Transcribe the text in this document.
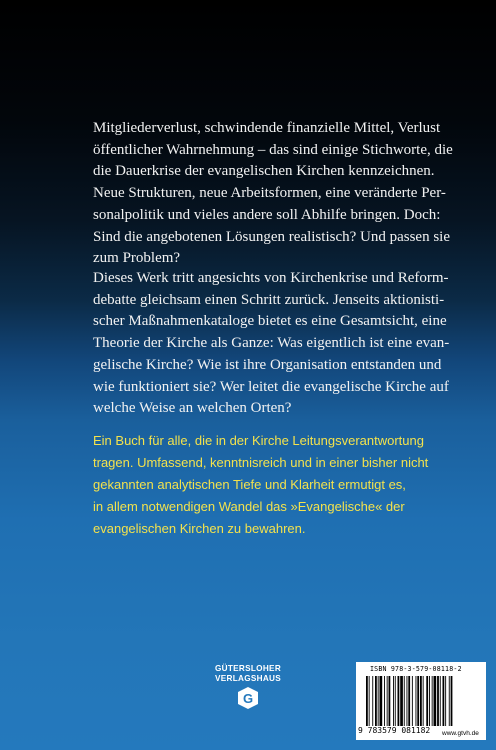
Mitgliederverlust, schwindende finanzielle Mittel, Verlust
öffentlicher Wahrnehmung – das sind einige Stichworte, die
die Dauerkrise der evangelischen Kirchen kennzeichnen.
Neue Strukturen, neue Arbeitsformen, eine veränderte Per-
sonalpolitik und vieles andere soll Abhilfe bringen. Doch:
Sind die angebotenen Lösungen realistisch? Und passen sie
zum Problem?
Dieses Werk tritt angesichts von Kirchenkrise und Reform-
debatte gleichsam einen Schritt zurück. Jenseits aktionisti-
scher Maßnahmenkataloge bietet es eine Gesamtsicht, eine
Theorie der Kirche als Ganze: Was eigentlich ist eine evan-
gelische Kirche? Wie ist ihre Organisation entstanden und
wie funktioniert sie? Wer leitet die evangelische Kirche auf
welche Weise an welchen Orten?
Ein Buch für alle, die in der Kirche Leitungsverantwortung
tragen. Umfassend, kenntnisreich und in einer bisher nicht
gekannten analytischen Tiefe und Klarheit ermutigt es,
in allem notwendigen Wandel das »Evangelische« der
evangelischen Kirchen zu bewahren.
GÜTERSLOHER
VERLAGSHAUS
G
ISBN 978-3-579-08118-2
9 783579 081182 www.gtvh.de
